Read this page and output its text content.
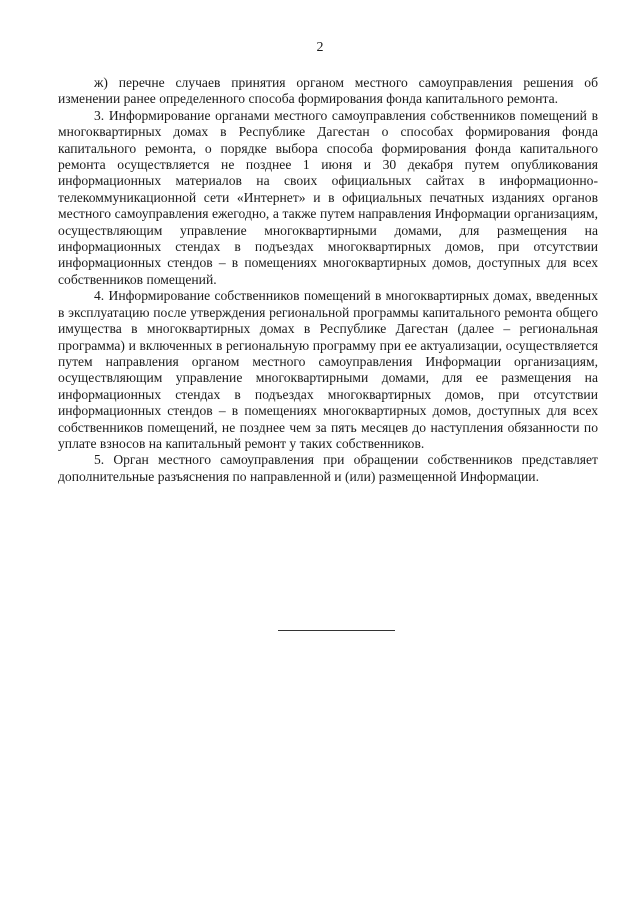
2

ж) перечне случаев принятия органом местного самоуправления решения об изменении ранее определенного способа формирования фонда капитального ремонта.

3. Информирование органами местного самоуправления собственников помещений в многоквартирных домах в Республике Дагестан о способах формирования фонда капитального ремонта, о порядке выбора способа формирования фонда капитального ремонта осуществляется не позднее 1 июня и 30 декабря путем опубликования информационных материалов на своих официальных сайтах в информационно-телекоммуникационной сети «Интернет» и в официальных печатных изданиях органов местного самоуправления ежегодно, а также путем направления Информации организациям, осуществляющим управление многоквартирными домами, для размещения на информационных стендах в подъездах многоквартирных домов, при отсутствии информационных стендов – в помещениях многоквартирных домов, доступных для всех собственников помещений.

4. Информирование собственников помещений в многоквартирных домах, введенных в эксплуатацию после утверждения региональной программы капитального ремонта общего имущества в многоквартирных домах в Республике Дагестан (далее – региональная программа) и включенных в региональную программу при ее актуализации, осуществляется путем направления органом местного самоуправления Информации организациям, осуществляющим управление многоквартирными домами, для ее размещения на информационных стендах в подъездах многоквартирных домов, при отсутствии информационных стендов – в помещениях многоквартирных домов, доступных для всех собственников помещений, не позднее чем за пять месяцев до наступления обязанности по уплате взносов на капитальный ремонт у таких собственников.

5. Орган местного самоуправления при обращении собственников представляет дополнительные разъяснения по направленной и (или) размещенной Информации.
